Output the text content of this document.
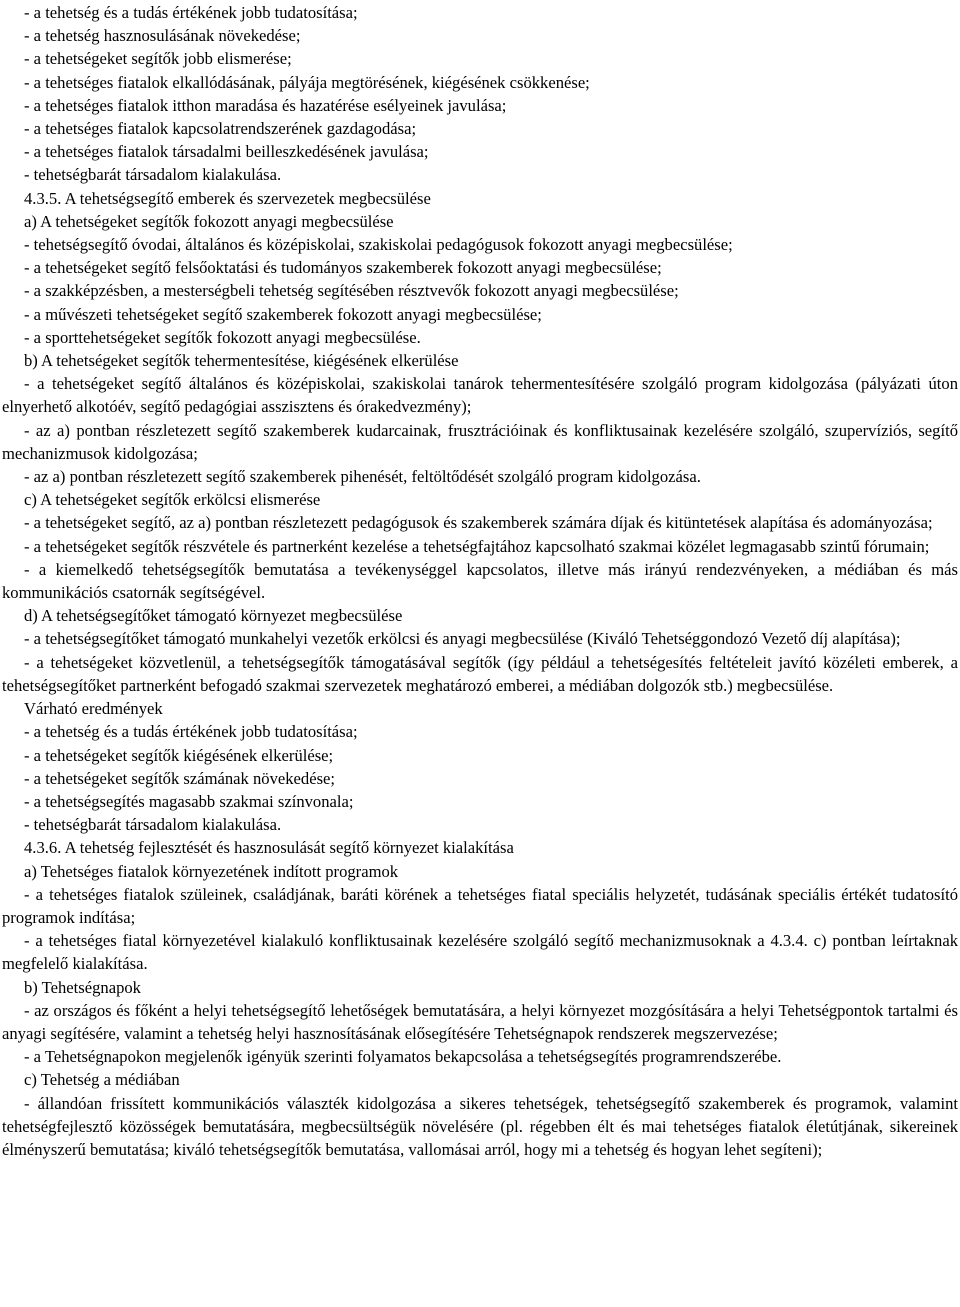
- a tehetség és a tudás értékének jobb tudatosítása;

- a tehetség hasznosulásának növekedése;

- a tehetségeket segítők jobb elismerése;

- a tehetséges fiatalok elkallódásának, pályája megtörésének, kiégésének csökkenése;

- a tehetséges fiatalok itthon maradása és hazatérése esélyeinek javulása;

- a tehetséges fiatalok kapcsolatrendszerének gazdagodása;

- a tehetséges fiatalok társadalmi beilleszkedésének javulása;

- tehetségbarát társadalom kialakulása.

4.3.5. A tehetségsegítő emberek és szervezetek megbecsülése

a) A tehetségeket segítők fokozott anyagi megbecsülése

- tehetségsegítő óvodai, általános és középiskolai, szakiskolai pedagógusok fokozott anyagi megbecsülése;

- a tehetségeket segítő felsőoktatási és tudományos szakemberek fokozott anyagi megbecsülése;

- a szakképzésben, a mesterségbeli tehetség segítésében résztvevők fokozott anyagi megbecsülése;

- a művészeti tehetségeket segítő szakemberek fokozott anyagi megbecsülése;

- a sporttehetségeket segítők fokozott anyagi megbecsülése.

b) A tehetségeket segítők tehermentesítése, kiégésének elkerülése

- a tehetségeket segítő általános és középiskolai, szakiskolai tanárok tehermentesítésére szolgáló program kidolgozása (pályázati úton elnyerhető alkotóév, segítő pedagógiai asszisztens és órakedvezmény);

- az a) pontban részletezett segítő szakemberek kudarcainak, frusztrációinak és konfliktusainak kezelésére szolgáló, szupervíziós, segítő mechanizmusok kidolgozása;

- az a) pontban részletezett segítő szakemberek pihenését, feltöltődését szolgáló program kidolgozása.

c) A tehetségeket segítők erkölcsi elismerése

- a tehetségeket segítő, az a) pontban részletezett pedagógusok és szakemberek számára díjak és kitüntetések alapítása és adományozása;

- a tehetségeket segítők részvétele és partnerként kezelése a tehetségfajtához kapcsolható szakmai közélet legmagasabb szintű fórumain;

- a kiemelkedő tehetségsegítők bemutatása a tevékenységgel kapcsolatos, illetve más irányú rendezvényeken, a médiában és más kommunikációs csatornák segítségével.

d) A tehetségsegítőket támogató környezet megbecsülése

- a tehetségsegítőket támogató munkahelyi vezetők erkölcsi és anyagi megbecsülése (Kiváló Tehetséggondozó Vezető díj alapítása);

- a tehetségeket közvetlenül, a tehetségsegítők támogatásával segítők (így például a tehetségesítés feltételeit javító közéleti emberek, a tehetségsegítőket partnerként befogadó szakmai szervezetek meghatározó emberei, a médiában dolgozók stb.) megbecsülése.

Várható eredmények

- a tehetség és a tudás értékének jobb tudatosítása;

- a tehetségeket segítők kiégésének elkerülése;

- a tehetségeket segítők számának növekedése;

- a tehetségsegítés magasabb szakmai színvonala;

- tehetségbarát társadalom kialakulása.

4.3.6. A tehetség fejlesztését és hasznosulását segítő környezet kialakítása

a) Tehetséges fiatalok környezetének indított programok

- a tehetséges fiatalok szüleinek, családjának, baráti körének a tehetséges fiatal speciális helyzetét, tudásának speciális értékét tudatosító programok indítása;

- a tehetséges fiatal környezetével kialakuló konfliktusainak kezelésére szolgáló segítő mechanizmusoknak a 4.3.4. c) pontban leírtaknak megfelelő kialakítása.

b) Tehetségnapok

- az országos és főként a helyi tehetségsegítő lehetőségek bemutatására, a helyi környezet mozgósítására a helyi Tehetségpontok tartalmi és anyagi segítésére, valamint a tehetség helyi hasznosításának elősegítésére Tehetségnapok rendszerek megszervezése;

- a Tehetségnapokon megjelenők igényük szerinti folyamatos bekapcsolása a tehetségsegítés programrendszerébe.

c) Tehetség a médiában

- állandóan frissített kommunikációs választék kidolgozása a sikeres tehetségek, tehetségsegítő szakemberek és programok, valamint tehetségfejlesztő közösségek bemutatására, megbecsültségük növelésére (pl. régebben élt és mai tehetséges fiatalok életútjának, sikereinek élményszerű bemutatása; kiváló tehetségsegítők bemutatása, vallomásai arról, hogy mi a tehetség és hogyan lehet segíteni);
